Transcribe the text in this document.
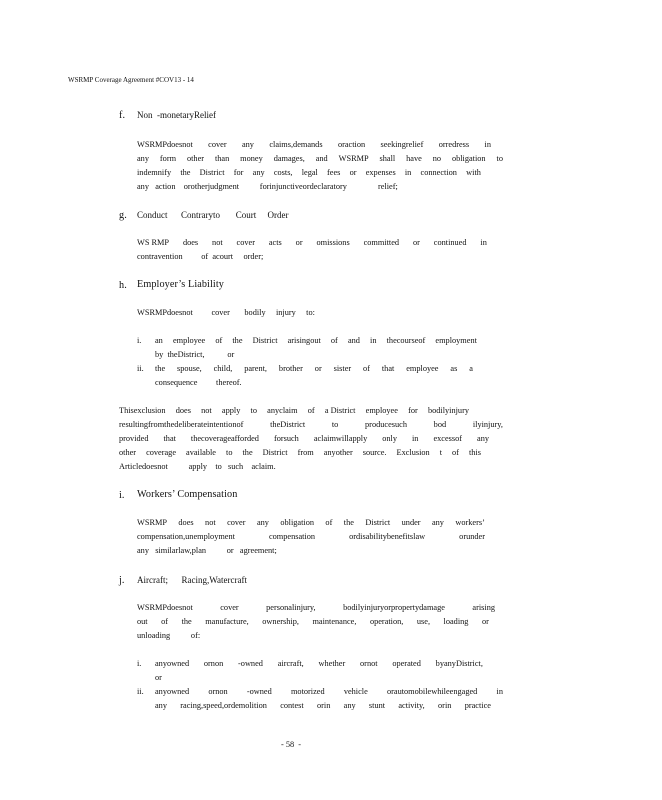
WSRMP Coverage Agreement #COV13 - 14
f. Non  -monetaryRelief
WSRMPdoesnot cover any claims,demands oraction seekingrelief orredress in
any form other than money damages, and WSRMP shall have no obligation to
indemnify the District for any costs, legal fees or expenses in connection with
any   action    orotherjudgment          forinjunctiveordeclaratory               relief;
g. Conduct      Contraryto       Court     Order
WS RMP does not cover acts or omissions committed or continued in
contravention         of  acourt     order;
h. Employer’s Liability
WSRMPdoesnot         cover       bodily     injury     to:
i. an employee of the District arisingout of and in thecourseof employment
by  theDistrict,           or
ii. the spouse, child, parent, brother or sister of that employee as a
consequence         thereof.
Thisexclusion does not apply to anyclaim of a District employee for bodilyinjury
resultingfromthedeliberateintentionof	theDistrict	to	producesuch	bod	ilyinjury,
provided that thecoverageafforded forsuch aclaimwillapply only in excessof any
other coverage available to the District from anyother source. Exclusion t of this
Articledoesnot          apply    to   such    aclaim.
i. Workers’ Compensation
WSRMP does not cover any obligation of the District under any workers’
compensation,unemployment	compensation	ordisabilitybenefitslaw	orunder
any   similarlaw,plan          or   agreement;
j. Aircraft;      Racing,Watercraft
WSRMPdoesnot	cover	personalinjury,	bodilyinjuryorpropertydamage	arising
out of the manufacture, ownership, maintenance, operation, use, loading or
unloading          of:
i. anyowned ornon -owned aircraft, whether ornot operated byanyDistrict,
or
ii. anyowned ornon -owned motorized vehicle orautomobilewhileengaged in
any racing,speed,ordemolition contest orin any stunt activity, orin practice
- 58  -
